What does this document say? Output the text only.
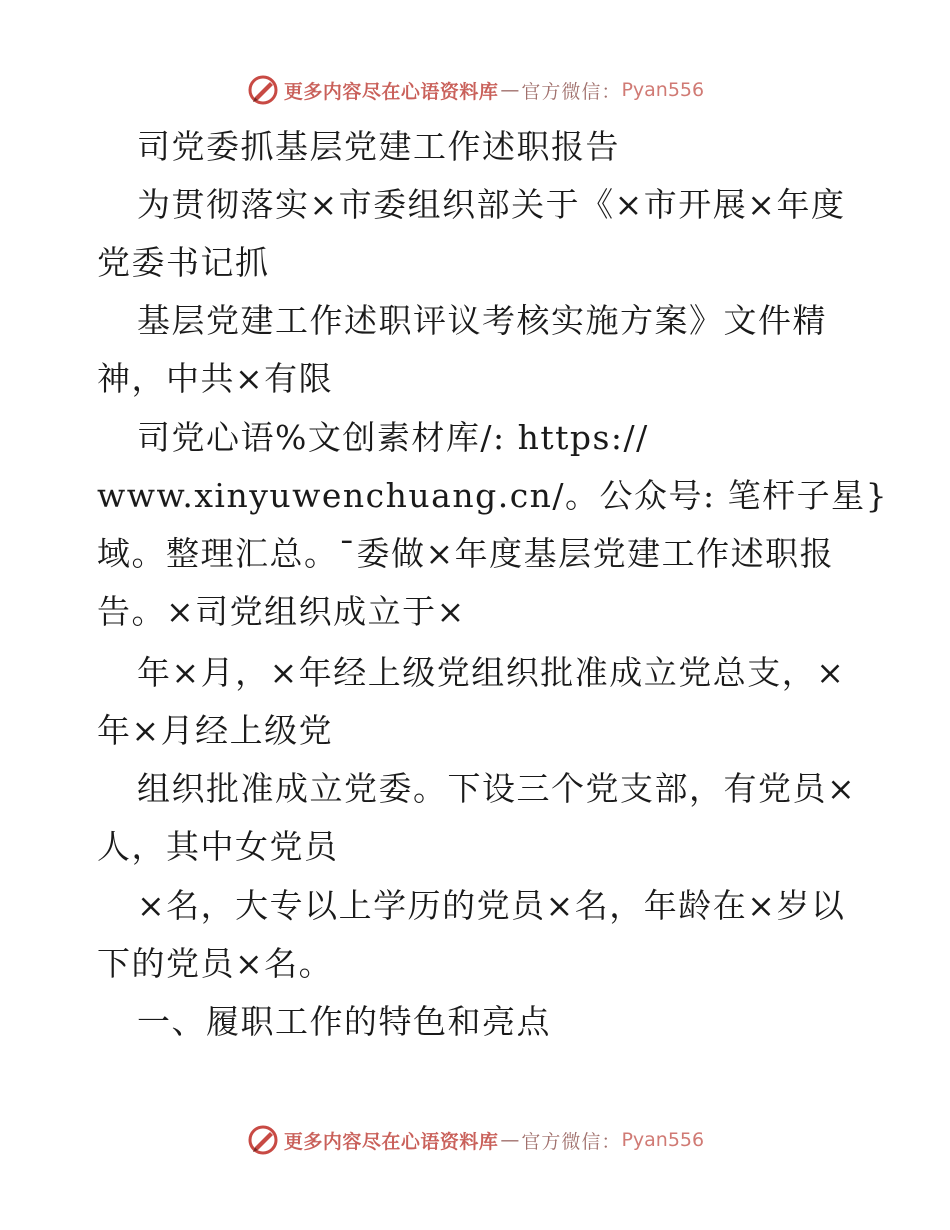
更多内容尽在心语资料库 — 官方微信： Pyan556
司党委抓基层党建工作述职报告
为贯彻落实×市委组织部关于《×市开展×年度
党委书记抓
基层党建工作述职评议考核实施方案》文件精
神，中共×有限
司党心语%文创素材库/: https://
www.xinyuwenchuang.cn/。公众号: 笔杆子星}
域。整理汇总。¯委做×年度基层党建工作述职报
告。×司党组织成立于×
年×月，×年经上级党组织批准成立党总支，×
年×月经上级党
组织批准成立党委。下设三个党支部，有党员×
人，其中女党员
×名，大专以上学历的党员×名，年龄在×岁以
下的党员×名。
一、履职工作的特色和亮点
更多内容尽在心语资料库 — 官方微信： Pyan556
